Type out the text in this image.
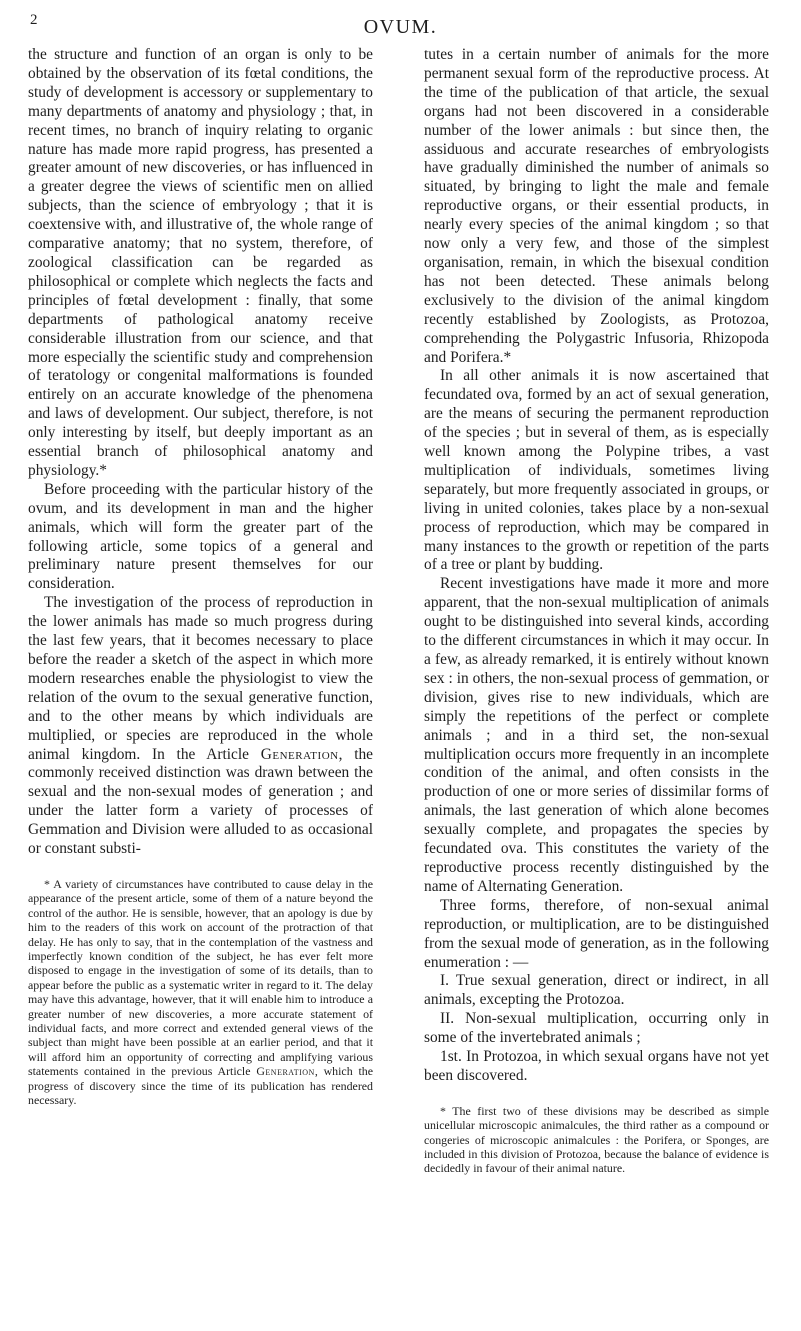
2	OVUM.

the structure and function of an organ is only to be obtained by the observation of its fœtal conditions, the study of development is accessory or supplementary to many departments of anatomy and physiology ; that, in recent times, no branch of inquiry relating to organic nature has made more rapid progress, has presented a greater amount of new discoveries, or has influenced in a greater degree the views of scientific men on allied subjects, than the science of embryology ; that it is coextensive with, and illustrative of, the whole range of comparative anatomy; that no system, therefore, of zoological classification can be regarded as philosophical or complete which neglects the facts and principles of fœtal development : finally, that some departments of pathological anatomy receive considerable illustration from our science, and that more especially the scientific study and comprehension of teratology or congenital malformations is founded entirely on an accurate knowledge of the phenomena and laws of development. Our subject, therefore, is not only interesting by itself, but deeply important as an essential branch of philosophical anatomy and physiology.*

Before proceeding with the particular history of the ovum, and its development in man and the higher animals, which will form the greater part of the following article, some topics of a general and preliminary nature present themselves for our consideration.

The investigation of the process of reproduction in the lower animals has made so much progress during the last few years, that it becomes necessary to place before the reader a sketch of the aspect in which more modern researches enable the physiologist to view the relation of the ovum to the sexual generative function, and to the other means by which individuals are multiplied, or species are reproduced in the whole animal kingdom. In the Article Generation, the commonly received distinction was drawn between the sexual and the non-sexual modes of generation ; and under the latter form a variety of processes of Gemmation and Division were alluded to as occasional or constant substi-

* A variety of circumstances have contributed to cause delay in the appearance of the present article, some of them of a nature beyond the control of the author. He is sensible, however, that an apology is due by him to the readers of this work on account of the protraction of that delay. He has only to say, that in the contemplation of the vastness and imperfectly known condition of the subject, he has ever felt more disposed to engage in the investigation of some of its details, than to appear before the public as a systematic writer in regard to it. The delay may have this advantage, however, that it will enable him to introduce a greater number of new discoveries, a more accurate statement of individual facts, and more correct and extended general views of the subject than might have been possible at an earlier period, and that it will afford him an opportunity of correcting and amplifying various statements contained in the previous Article Generation, which the progress of discovery since the time of its publication has rendered necessary.

tutes in a certain number of animals for the more permanent sexual form of the reproductive process. At the time of the publication of that article, the sexual organs had not been discovered in a considerable number of the lower animals : but since then, the assiduous and accurate researches of embryologists have gradually diminished the number of animals so situated, by bringing to light the male and female reproductive organs, or their essential products, in nearly every species of the animal kingdom ; so that now only a very few, and those of the simplest organisation, remain, in which the bisexual condition has not been detected. These animals belong exclusively to the division of the animal kingdom recently established by Zoologists, as Protozoa, comprehending the Polygastric Infusoria, Rhizopoda and Porifera.*

In all other animals it is now ascertained that fecundated ova, formed by an act of sexual generation, are the means of securing the permanent reproduction of the species ; but in several of them, as is especially well known among the Polypine tribes, a vast multiplication of individuals, sometimes living separately, but more frequently associated in groups, or living in united colonies, takes place by a non-sexual process of reproduction, which may be compared in many instances to the growth or repetition of the parts of a tree or plant by budding.

Recent investigations have made it more and more apparent, that the non-sexual multiplication of animals ought to be distinguished into several kinds, according to the different circumstances in which it may occur. In a few, as already remarked, it is entirely without known sex : in others, the non-sexual process of gemmation, or division, gives rise to new individuals, which are simply the repetitions of the perfect or complete animals ; and in a third set, the non-sexual multiplication occurs more frequently in an incomplete condition of the animal, and often consists in the production of one or more series of dissimilar forms of animals, the last generation of which alone becomes sexually complete, and propagates the species by fecundated ova. This constitutes the variety of the reproductive process recently distinguished by the name of Alternating Generation.

Three forms, therefore, of non-sexual animal reproduction, or multiplication, are to be distinguished from the sexual mode of generation, as in the following enumeration : —

I. True sexual generation, direct or indirect, in all animals, excepting the Protozoa.

II. Non-sexual multiplication, occurring only in some of the invertebrated animals ;

1st. In Protozoa, in which sexual organs have not yet been discovered.

* The first two of these divisions may be described as simple unicellular microscopic animalcules, the third rather as a compound or congeries of microscopic animalcules : the Porifera, or Sponges, are included in this division of Protozoa, because the balance of evidence is decidedly in favour of their animal nature.
